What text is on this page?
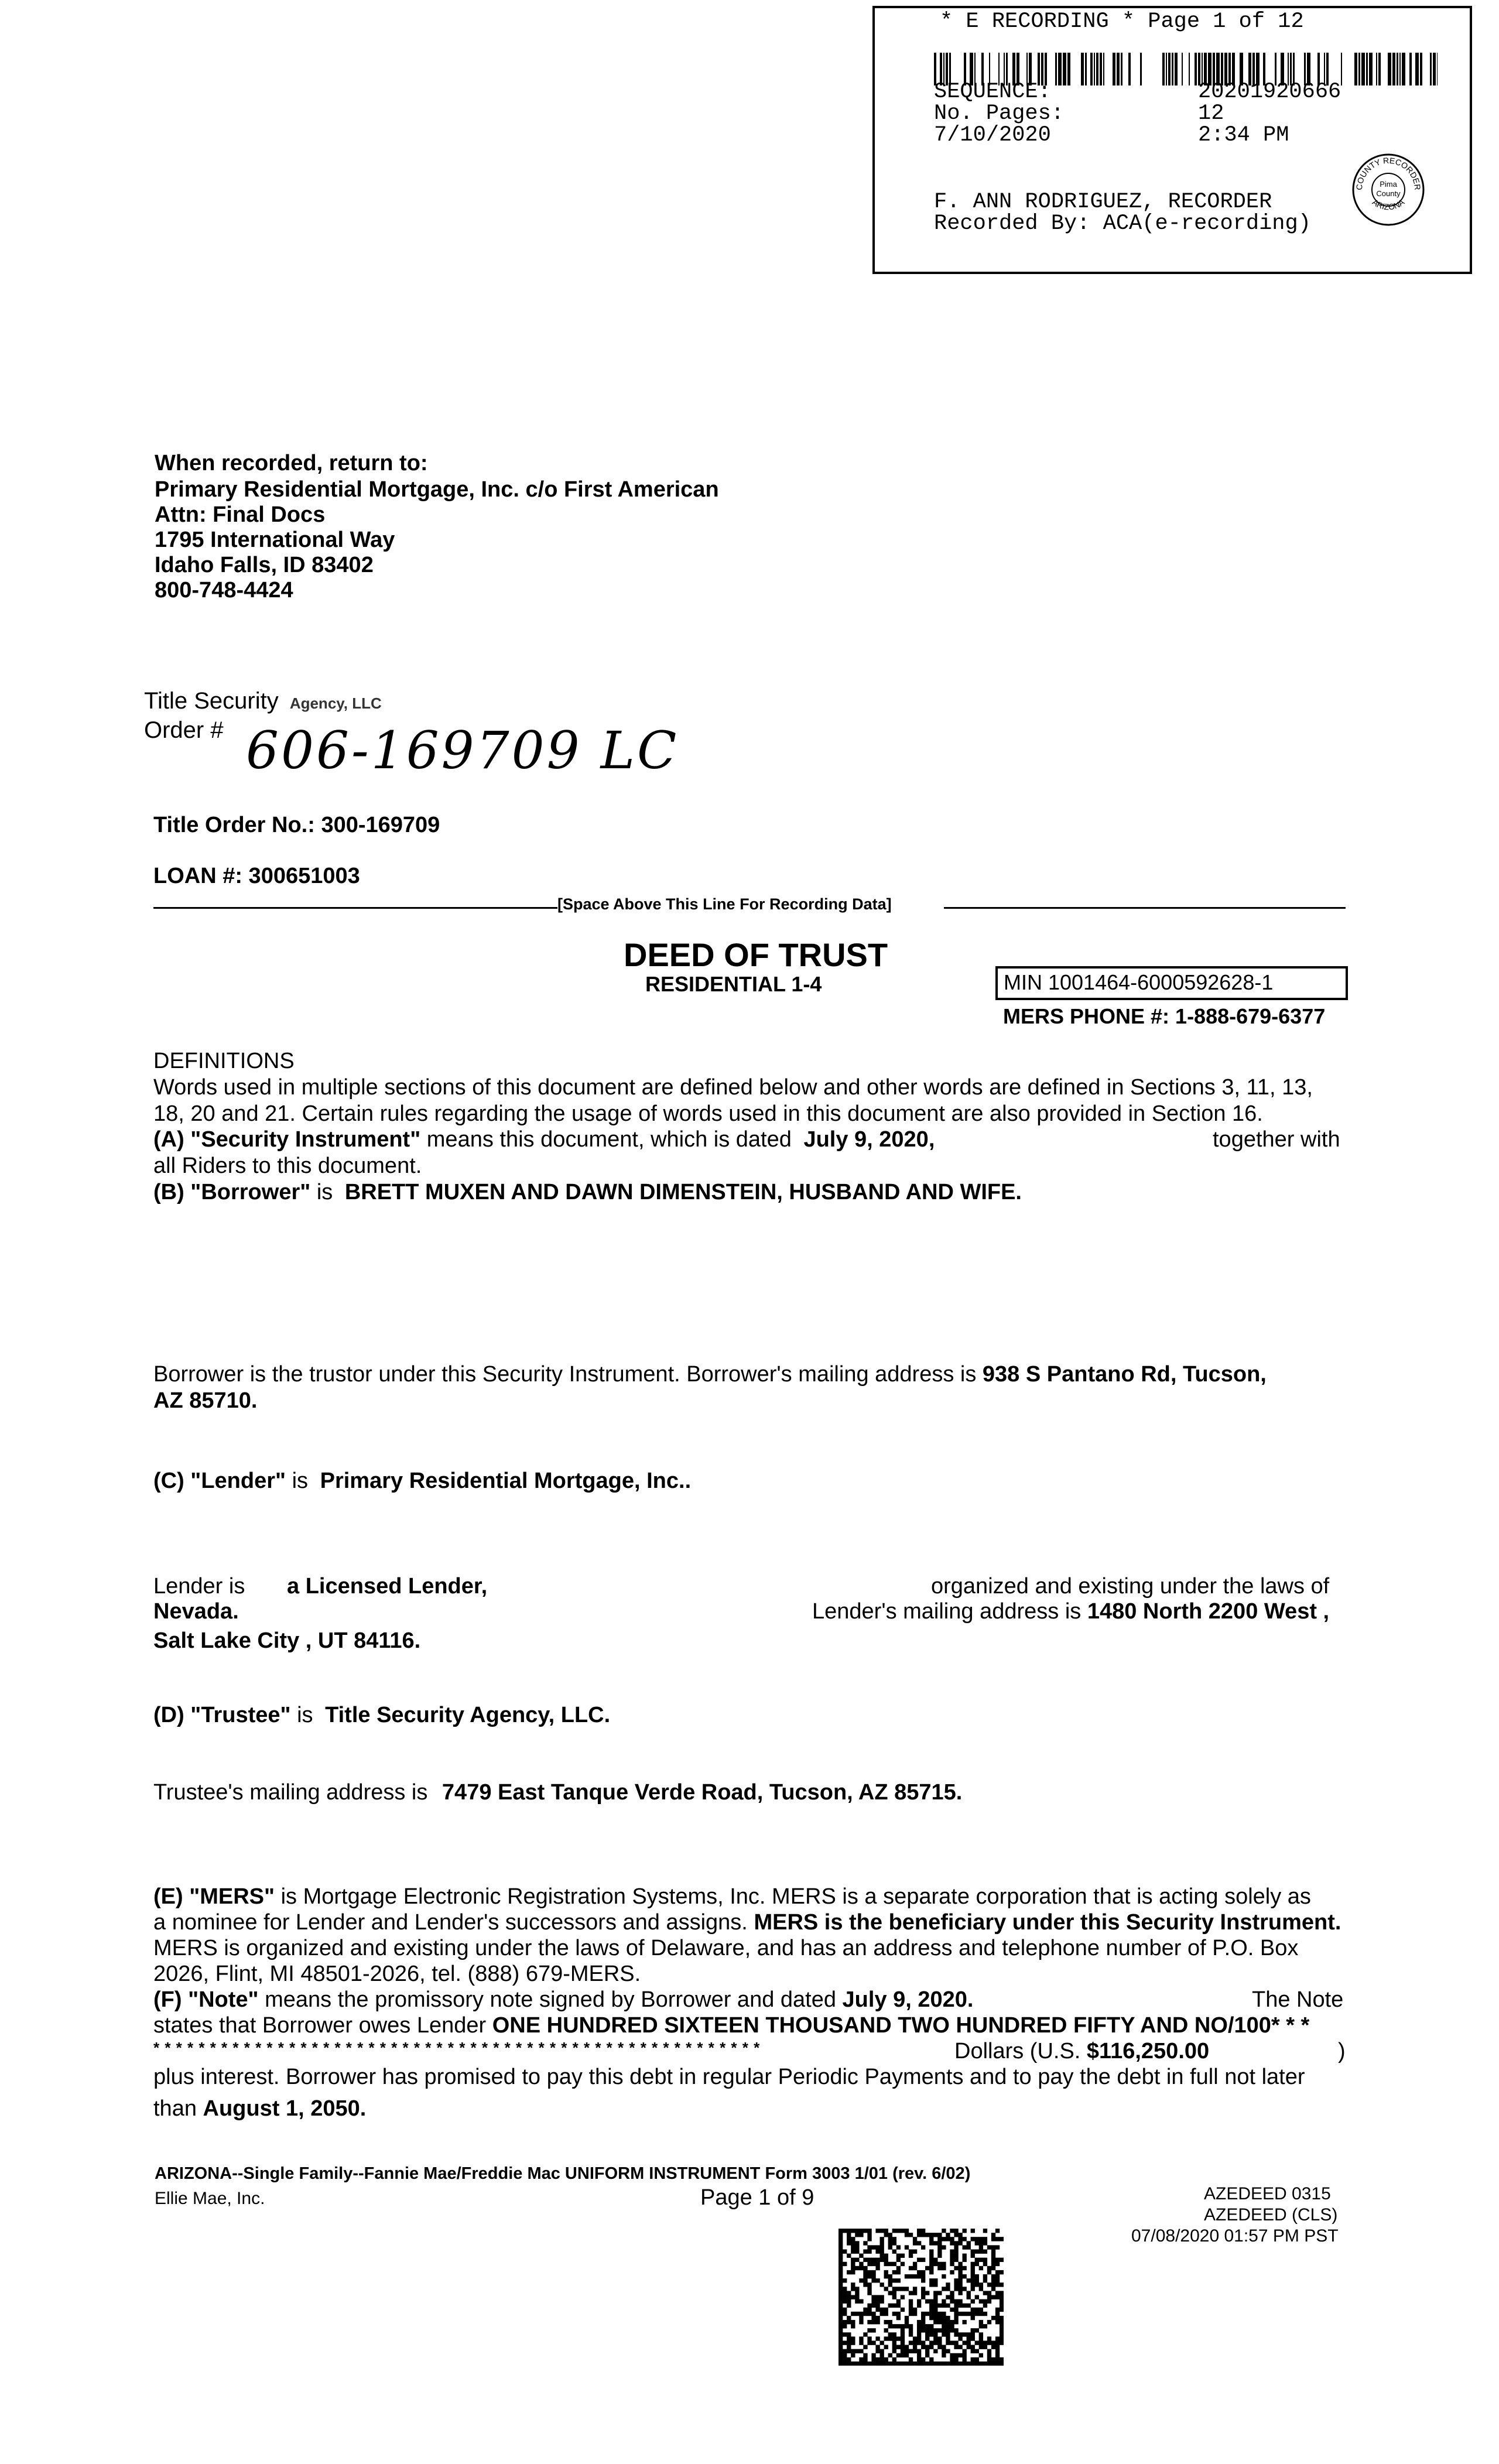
* E RECORDING * Page 1 of 12
SEQUENCE:	20201920666
No. Pages:	12
7/10/2020	2:34 PM
F. ANN RODRIGUEZ, RECORDER
Recorded By: ACA(e-recording)
Pima
County
COUNTY RECORDER
ARIZONA
When recorded, return to:
Primary Residential Mortgage, Inc. c/o First American
Attn: Final Docs
1795 International Way
Idaho Falls, ID 83402
800-748-4424
Title Security Agency, LLC
Order # 606-169709 LC
Title Order No.: 300-169709
LOAN #: 300651003
[Space Above This Line For Recording Data]
DEED OF TRUST
RESIDENTIAL 1-4	MIN 1001464-6000592628-1
MERS PHONE #: 1-888-679-6377
DEFINITIONS
Words used in multiple sections of this document are defined below and other words are defined in Sections 3, 11, 13,
18, 20 and 21. Certain rules regarding the usage of words used in this document are also provided in Section 16.
(A) "Security Instrument" means this document, which is dated July 9, 2020,	together with
all Riders to this document.
(B) "Borrower" is BRETT MUXEN AND DAWN DIMENSTEIN, HUSBAND AND WIFE.
Borrower is the trustor under this Security Instrument. Borrower's mailing address is 938 S Pantano Rd, Tucson,
AZ 85710.
(C) "Lender" is Primary Residential Mortgage, Inc..
Lender is a Licensed Lender,	organized and existing under the laws of
Nevada.	Lender's mailing address is 1480 North 2200 West ,
Salt Lake City , UT 84116.
(D) "Trustee" is Title Security Agency, LLC.
Trustee's mailing address is 7479 East Tanque Verde Road, Tucson, AZ 85715.
(E) "MERS" is Mortgage Electronic Registration Systems, Inc. MERS is a separate corporation that is acting solely as
a nominee for Lender and Lender's successors and assigns. MERS is the beneficiary under this Security Instrument.
MERS is organized and existing under the laws of Delaware, and has an address and telephone number of P.O. Box
2026, Flint, MI 48501-2026, tel. (888) 679-MERS.
(F) "Note" means the promissory note signed by Borrower and dated July 9, 2020.	The Note
states that Borrower owes Lender ONE HUNDRED SIXTEEN THOUSAND TWO HUNDRED FIFTY AND NO/100* * *
* * * * * * * * * * * * * * * * * * * * * * * * * * * * * * * * * * * * * * * * * * * * * * * * * * * * * *	Dollars (U.S. $116,250.00	)
plus interest. Borrower has promised to pay this debt in regular Periodic Payments and to pay the debt in full not later
than August 1, 2050.
ARIZONA--Single Family--Fannie Mae/Freddie Mac UNIFORM INSTRUMENT Form 3003 1/01 (rev. 6/02)
Ellie Mae, Inc.	Page 1 of 9	AZEDEED 0315
AZEDEED (CLS)
07/08/2020 01:57 PM PST
